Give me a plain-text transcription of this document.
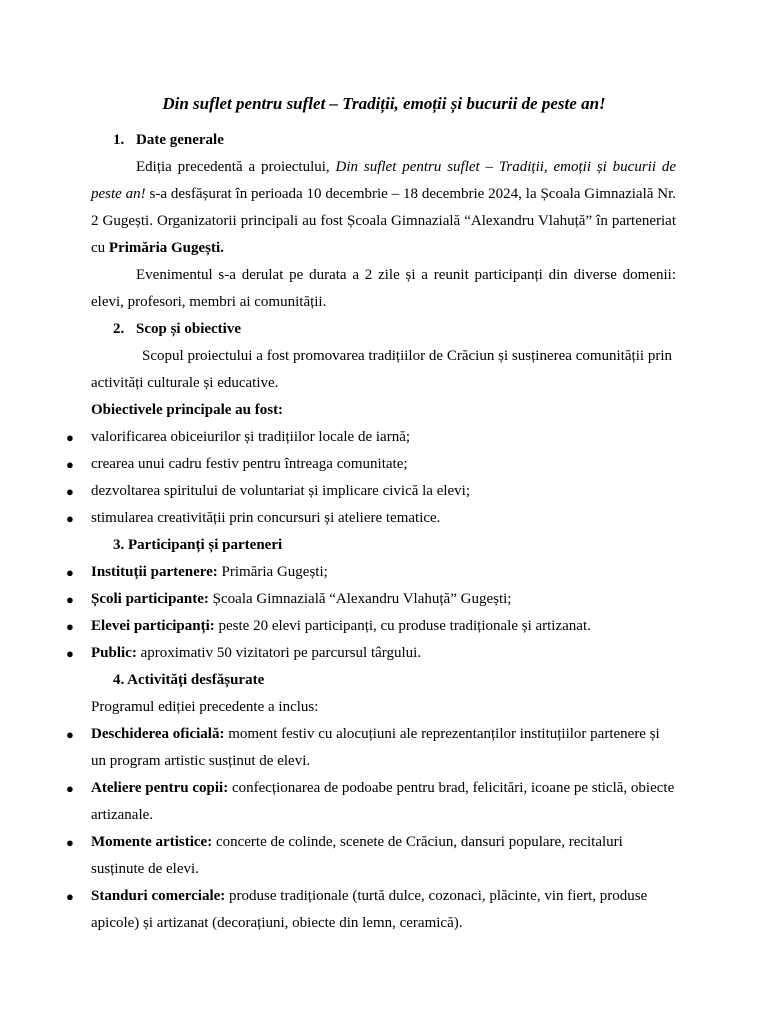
Din suflet pentru suflet – Tradiții, emoții și bucurii de peste an!
1. Date generale
Ediția precedentă a proiectului, Din suflet pentru suflet – Tradiții, emoții și bucurii de
peste an! s-a desfășurat în perioada 10 decembrie – 18 decembrie 2024, la Școala Gimnazială Nr.
2 Gugești. Organizatorii principali au fost Școala Gimnazială “Alexandru Vlahuță” în parteneriat
cu Primăria Gugești.
Evenimentul s-a derulat pe durata a 2 zile și a reunit participanți din diverse domenii:
elevi, profesori, membri ai comunității.
2. Scop și obiective
Scopul proiectului a fost promovarea tradițiilor de Crăciun și susținerea comunității prin
activități culturale și educative.
Obiectivele principale au fost:
● valorificarea obiceiurilor și tradițiilor locale de iarnă;
● crearea unui cadru festiv pentru întreaga comunitate;
● dezvoltarea spiritului de voluntariat și implicare civică la elevi;
● stimularea creativității prin concursuri și ateliere tematice.
3. Participanți și parteneri
● Instituții partenere: Primăria Gugești;
● Școli participante: Școala Gimnazială “Alexandru Vlahuță” Gugești;
● Elevei participanți: peste 20 elevi participanți, cu produse tradiționale și artizanat.
● Public: aproximativ 50 vizitatori pe parcursul târgului.
4. Activități desfășurate
Programul ediției precedente a inclus:
● Deschiderea oficială: moment festiv cu alocuțiuni ale reprezentanților instituțiilor partenere și
un program artistic susținut de elevi.
● Ateliere pentru copii: confecționarea de podoabe pentru brad, felicitări, icoane pe sticlă, obiecte
artizanale.
● Momente artistice: concerte de colinde, scenete de Crăciun, dansuri populare, recitaluri
susținute de elevi.
● Standuri comerciale: produse tradiționale (turtă dulce, cozonaci, plăcinte, vin fiert, produse
apicole) și artizanat (decorațiuni, obiecte din lemn, ceramică).
